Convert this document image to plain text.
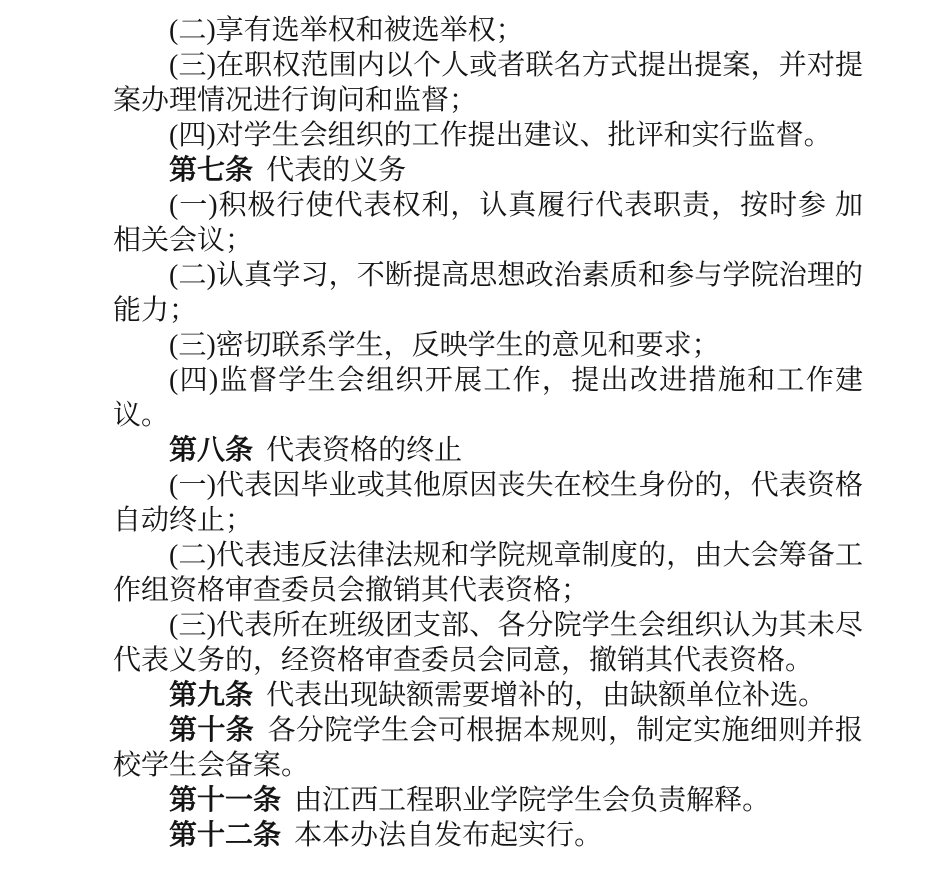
(二)享有选举权和被选举权；

(三)在职权范围内以个人或者联名方式提出提案，并对提案办理情况进行询问和监督；

(四)对学生会组织的工作提出建议、批评和实行监督。

第七条 代表的义务

(一)积极行使代表权利，认真履行代表职责，按时参 加相关会议；

(二)认真学习，不断提高思想政治素质和参与学院治理的能力；

(三)密切联系学生，反映学生的意见和要求；

(四)监督学生会组织开展工作，提出改进措施和工作建议。

第八条 代表资格的终止

(一)代表因毕业或其他原因丧失在校生身份的，代表资格自动终止；

(二)代表违反法律法规和学院规章制度的，由大会筹备工作组资格审查委员会撤销其代表资格；

(三)代表所在班级团支部、各分院学生会组织认为其未尽代表义务的，经资格审查委员会同意，撤销其代表资格。

第九条 代表出现缺额需要增补的，由缺额单位补选。

第十条 各分院学生会可根据本规则，制定实施细则并报校学生会备案。

第十一条 由江西工程职业学院学生会负责解释。

第十二条 本本办法自发布起实行。
